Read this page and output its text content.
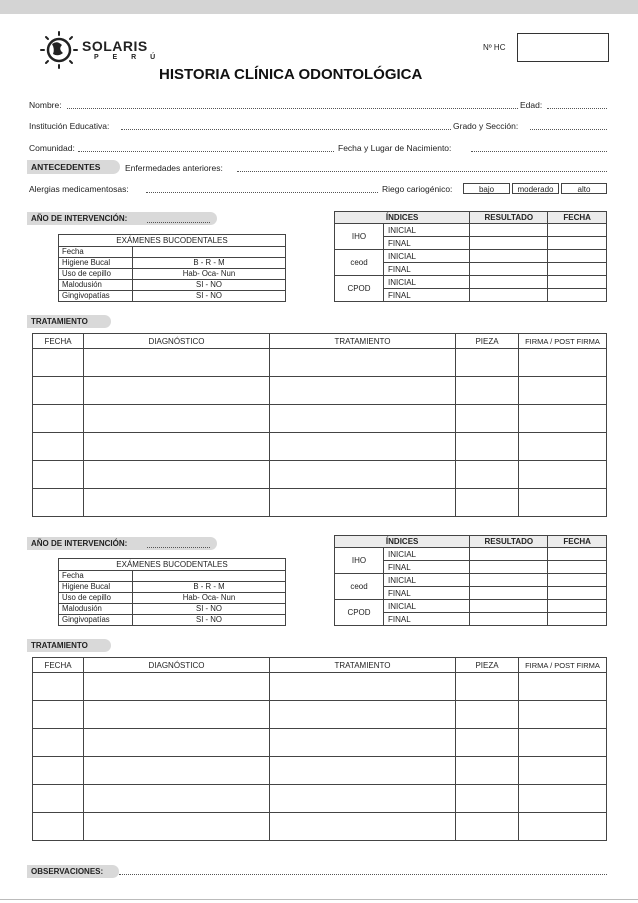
SOLARIS
P E R Ú
Nº HC
HISTORIA CLÍNICA ODONTOLÓGICA
Nombre:	Edad:
Institución Educativa:	Grado y Sección:
Comunidad:	Fecha y Lugar de Nacimiento:
ANTECEDENTES	Enfermedades anteriores:
Alergias medicamentosas:	Riego cariogénico:	bajo	moderado	alto
AÑO DE INTERVENCIÓN:
EXÁMENES BUCODENTALES	
Fecha	
Higiene Bucal	B - R - M
Uso de cepillo	Hab- Oca- Nun
Malodusión	SI - NO
Gingivopatías	SI - NO
ÍNDICES		RESULTADO	FECHA
IHO	INICIAL		
	FINAL		
ceod	INICIAL		
	FINAL		
CPOD	INICIAL		
	FINAL		
TRATAMIENTO
FECHA	DIAGNÓSTICO	TRATAMIENTO	PIEZA	FIRMA / POST FIRMA

AÑO DE INTERVENCIÓN:
EXÁMENES BUCODENTALES	
Fecha	
Higiene Bucal	B - R - M
Uso de cepillo	Hab- Oca- Nun
Malodusión	SI - NO
Gingivopatías	SI - NO
ÍNDICES		RESULTADO	FECHA
IHO	INICIAL		
	FINAL		
ceod	INICIAL		
	FINAL		
CPOD	INICIAL		
	FINAL		
TRATAMIENTO
FECHA	DIAGNÓSTICO	TRATAMIENTO	PIEZA	FIRMA / POST FIRMA

OBSERVACIONES:
